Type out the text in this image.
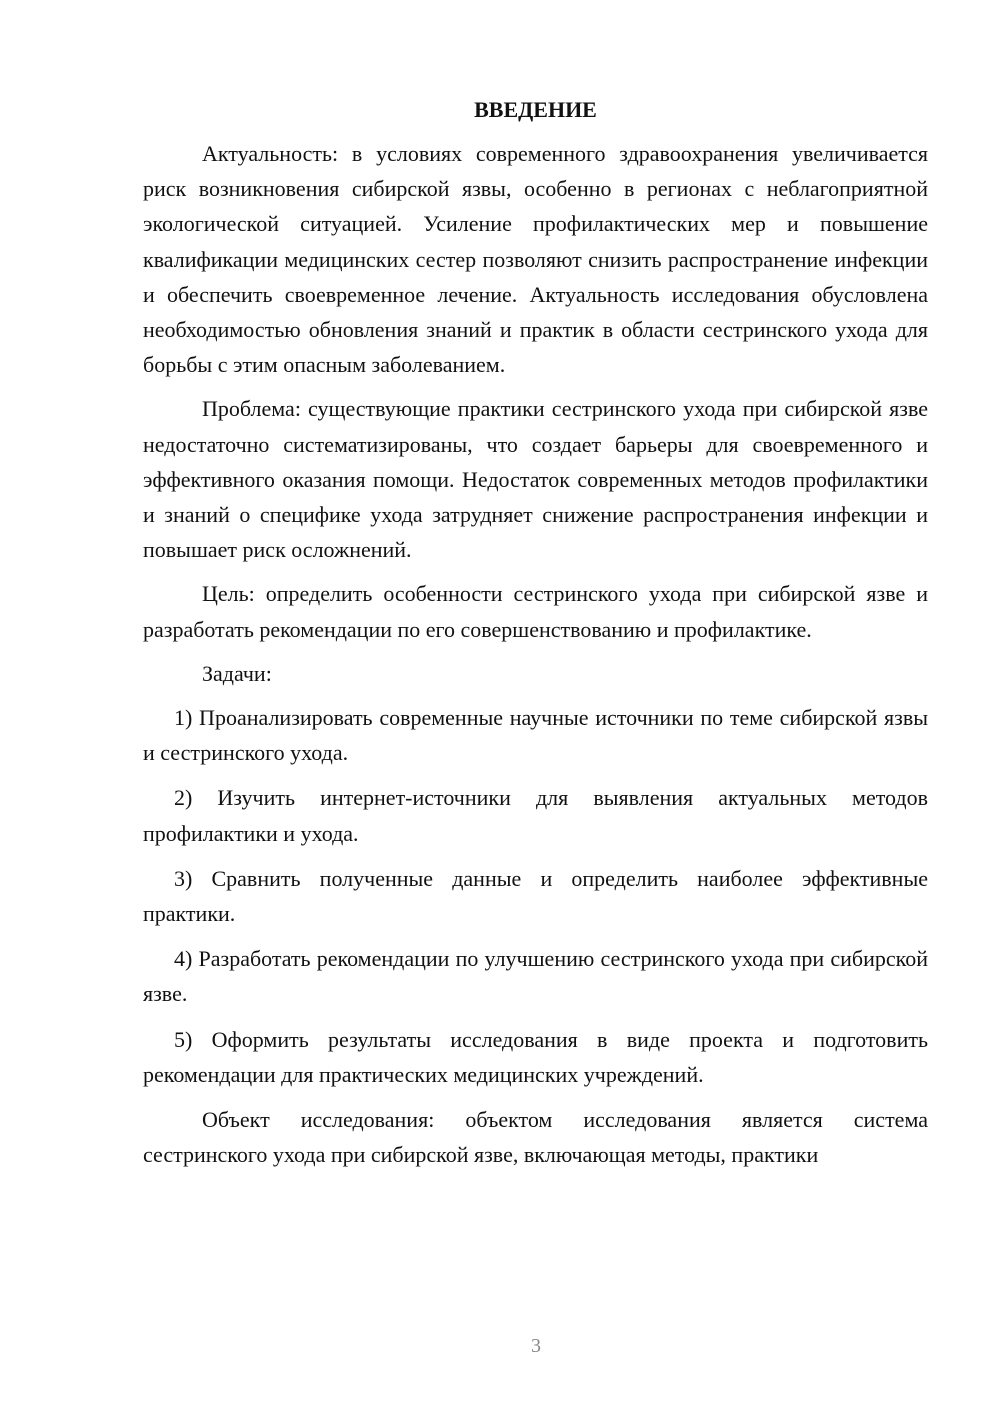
ВВЕДЕНИЕ

Актуальность: в условиях современного здравоохранения увеличивается риск возникновения сибирской язвы, особенно в регионах с неблагоприятной экологической ситуацией. Усиление профилактических мер и повышение квалификации медицинских сестер позволяют снизить распространение инфекции и обеспечить своевременное лечение. Актуальность исследования обусловлена необходимостью обновления знаний и практик в области сестринского ухода для борьбы с этим опасным заболеванием.

Проблема: существующие практики сестринского ухода при сибирской язве недостаточно систематизированы, что создает барьеры для своевременного и эффективного оказания помощи. Недостаток современных методов профилактики и знаний о специфике ухода затрудняет снижение распространения инфекции и повышает риск осложнений.

Цель: определить особенности сестринского ухода при сибирской язве и разработать рекомендации по его совершенствованию и профилактике.

Задачи:

1) Проанализировать современные научные источники по теме сибирской язвы и сестринского ухода.

2) Изучить интернет-источники для выявления актуальных методов профилактики и ухода.

3) Сравнить полученные данные и определить наиболее эффективные практики.

4) Разработать рекомендации по улучшению сестринского ухода при сибирской язве.

5) Оформить результаты исследования в виде проекта и подготовить рекомендации для практических медицинских учреждений.

Объект исследования: объектом исследования является система сестринского ухода при сибирской язве, включающая методы, практики

3
